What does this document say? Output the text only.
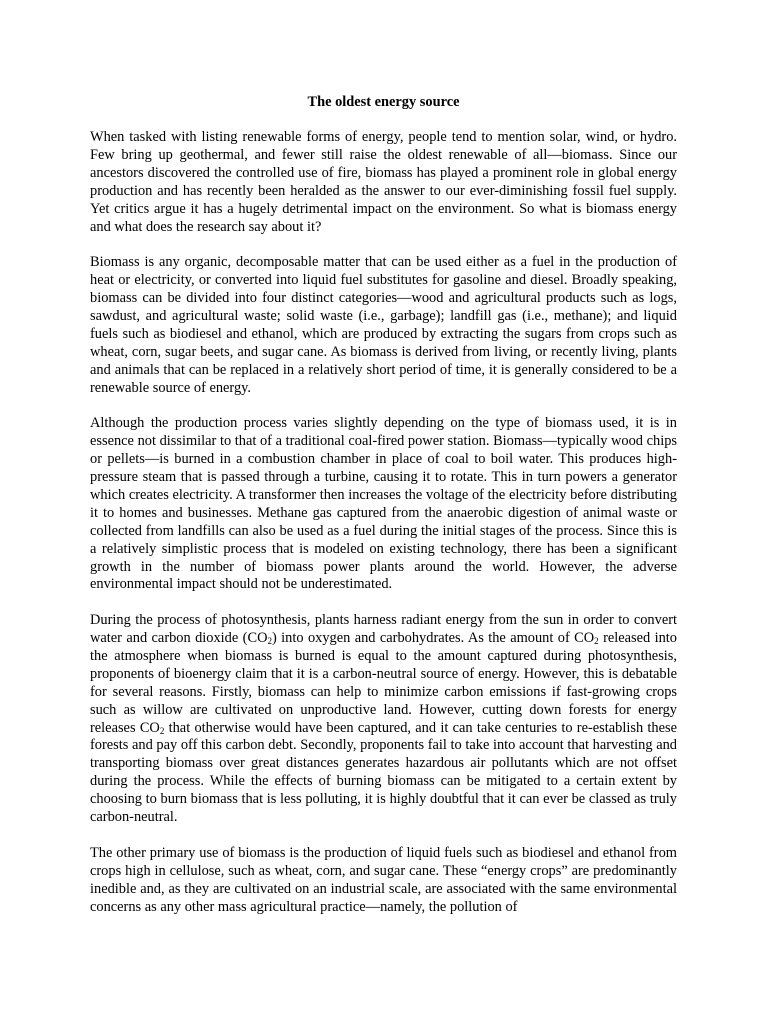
The oldest energy source

When tasked with listing renewable forms of energy, people tend to mention solar, wind, or hydro. Few bring up geothermal, and fewer still raise the oldest renewable of all—biomass. Since our ancestors discovered the controlled use of fire, biomass has played a prominent role in global energy production and has recently been heralded as the answer to our ever-diminishing fossil fuel supply. Yet critics argue it has a hugely detrimental impact on the environment. So what is biomass energy and what does the research say about it?

Biomass is any organic, decomposable matter that can be used either as a fuel in the production of heat or electricity, or converted into liquid fuel substitutes for gasoline and diesel. Broadly speaking, biomass can be divided into four distinct categories—wood and agricultural products such as logs, sawdust, and agricultural waste; solid waste (i.e., garbage); landfill gas (i.e., methane); and liquid fuels such as biodiesel and ethanol, which are produced by extracting the sugars from crops such as wheat, corn, sugar beets, and sugar cane. As biomass is derived from living, or recently living, plants and animals that can be replaced in a relatively short period of time, it is generally considered to be a renewable source of energy.

Although the production process varies slightly depending on the type of biomass used, it is in essence not dissimilar to that of a traditional coal-fired power station. Biomass—typically wood chips or pellets—is burned in a combustion chamber in place of coal to boil water. This produces high-pressure steam that is passed through a turbine, causing it to rotate. This in turn powers a generator which creates electricity. A transformer then increases the voltage of the electricity before distributing it to homes and businesses. Methane gas captured from the anaerobic digestion of animal waste or collected from landfills can also be used as a fuel during the initial stages of the process. Since this is a relatively simplistic process that is modeled on existing technology, there has been a significant growth in the number of biomass power plants around the world. However, the adverse environmental impact should not be underestimated.

During the process of photosynthesis, plants harness radiant energy from the sun in order to convert water and carbon dioxide $(CO_2)$ into oxygen and carbohydrates. As the amount of $CO_2$ released into the atmosphere when biomass is burned is equal to the amount captured during photosynthesis, proponents of bioenergy claim that it is a carbon-neutral source of energy. However, this is debatable for several reasons. Firstly, biomass can help to minimize carbon emissions if fast-growing crops such as willow are cultivated on unproductive land. However, cutting down forests for energy releases $CO_2$ that otherwise would have been captured, and it can take centuries to re-establish these forests and pay off this carbon debt. Secondly, proponents fail to take into account that harvesting and transporting biomass over great distances generates hazardous air pollutants which are not offset during the process. While the effects of burning biomass can be mitigated to a certain extent by choosing to burn biomass that is less polluting, it is highly doubtful that it can ever be classed as truly carbon-neutral.

The other primary use of biomass is the production of liquid fuels such as biodiesel and ethanol from crops high in cellulose, such as wheat, corn, and sugar cane. These “energy crops” are predominantly inedible and, as they are cultivated on an industrial scale, are associated with the same environmental concerns as any other mass agricultural practice—namely, the pollution of
